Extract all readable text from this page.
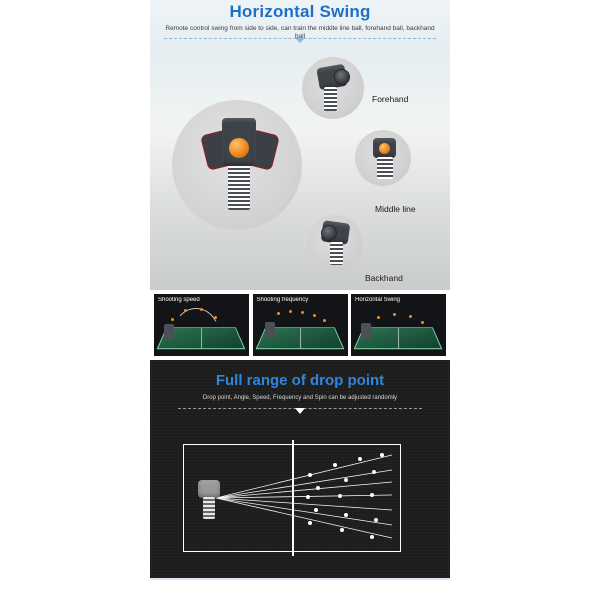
Horizontal Swing
Remote control swing from side to side, can train the middle line ball, forehand ball, backhand ball
Forehand
Middle line
Backhand
Shooting speed	Shooting frequency	Horizontal Swing
Full range of drop point
Drop point, Angle, Speed, Frequency and Spin can be adjusted randomly
